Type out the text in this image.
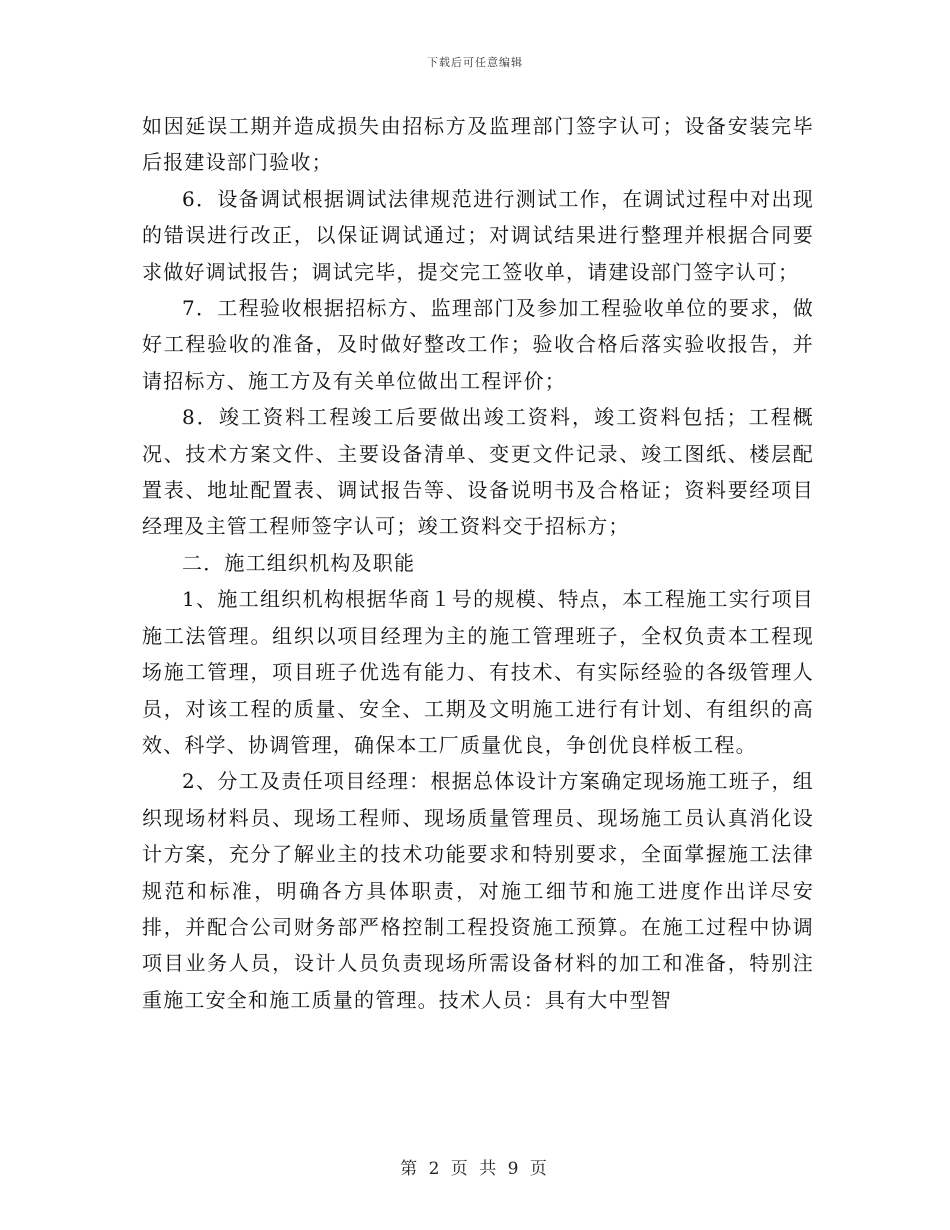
下载后可任意编辑

如因延误工期并造成损失由招标方及监理部门签字认可；设备安装完毕后报建设部门验收；

6．设备调试根据调试法律规范进行测试工作，在调试过程中对出现的错误进行改正，以保证调试通过；对调试结果进行整理并根据合同要求做好调试报告；调试完毕，提交完工签收单，请建设部门签字认可；

7．工程验收根据招标方、监理部门及参加工程验收单位的要求，做好工程验收的准备，及时做好整改工作；验收合格后落实验收报告，并请招标方、施工方及有关单位做出工程评价；

8．竣工资料工程竣工后要做出竣工资料，竣工资料包括；工程概况、技术方案文件、主要设备清单、变更文件记录、竣工图纸、楼层配置表、地址配置表、调试报告等、设备说明书及合格证；资料要经项目经理及主管工程师签字认可；竣工资料交于招标方；

二．施工组织机构及职能

1、施工组织机构根据华商１号的规模、特点，本工程施工实行项目施工法管理。组织以项目经理为主的施工管理班子，全权负责本工程现场施工管理，项目班子优选有能力、有技术、有实际经验的各级管理人员，对该工程的质量、安全、工期及文明施工进行有计划、有组织的高效、科学、协调管理，确保本工厂质量优良，争创优良样板工程。

2、分工及责任项目经理：根据总体设计方案确定现场施工班子，组织现场材料员、现场工程师、现场质量管理员、现场施工员认真消化设计方案，充分了解业主的技术功能要求和特别要求，全面掌握施工法律规范和标准，明确各方具体职责，对施工细节和施工进度作出详尽安排，并配合公司财务部严格控制工程投资施工预算。在施工过程中协调项目业务人员，设计人员负责现场所需设备材料的加工和准备，特别注重施工安全和施工质量的管理。技术人员：具有大中型智

第 2 页 共 9 页
